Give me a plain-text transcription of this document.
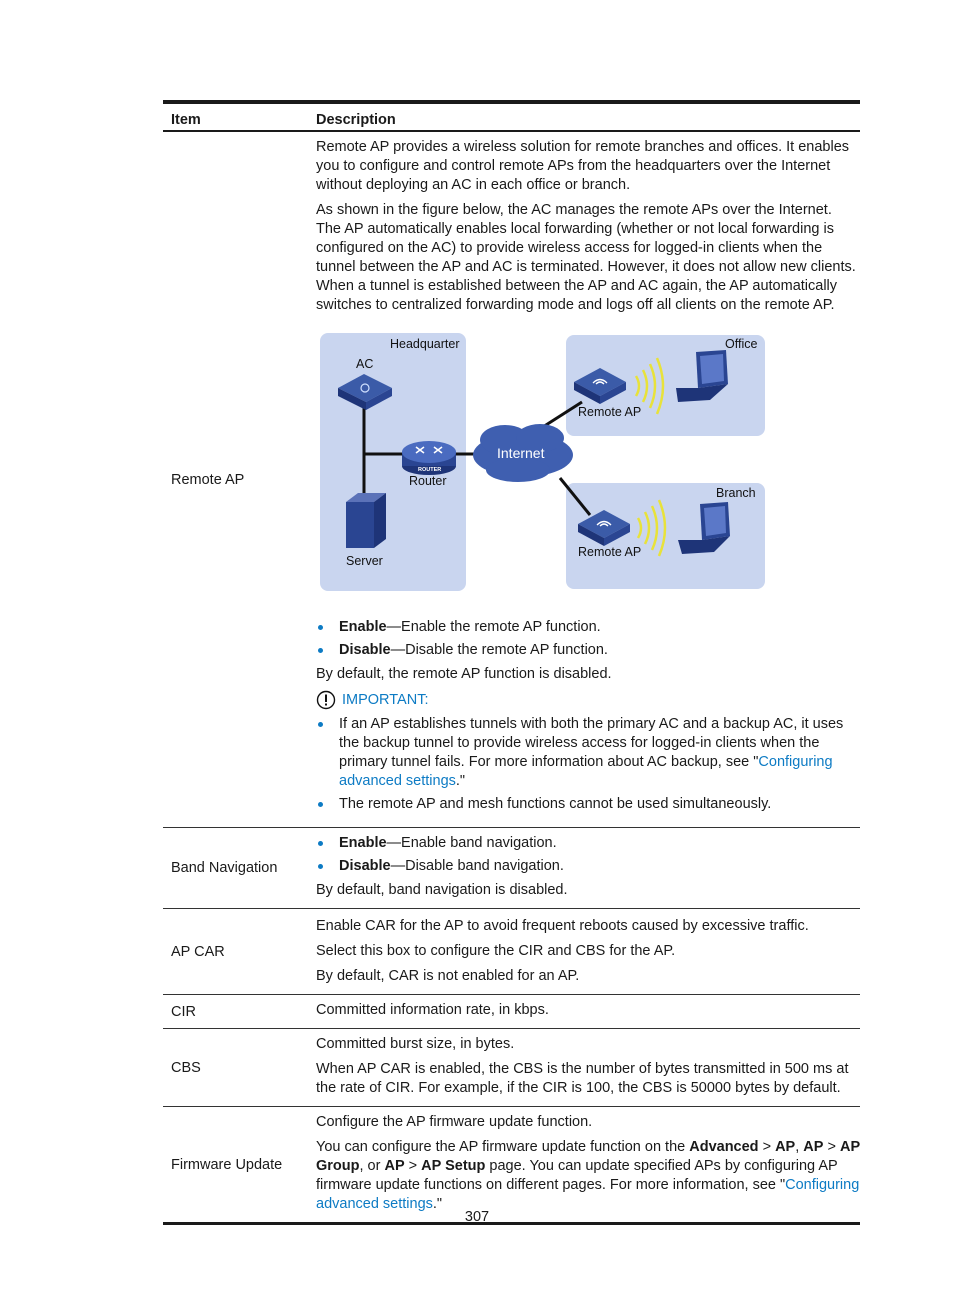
Item	Description
Remote AP

Remote AP provides a wireless solution for remote branches and offices. It enables you to configure and control remote APs from the headquarters over the Internet without deploying an AC in each office or branch.

As shown in the figure below, the AC manages the remote APs over the Internet. The AP automatically enables local forwarding (whether or not local forwarding is configured on the AC) to provide wireless access for logged-in clients when the tunnel between the AP and AC is terminated. However, it does not allow new clients. When a tunnel is established between the AP and AC again, the AP automatically switches to centralized forwarding mode and logs off all clients on the remote AP.

Headquarter
AC
ROUTER
Router
Server
Internet
Office
Remote AP
Branch
Remote AP
Enable—Enable the remote AP function.
Disable—Disable the remote AP function.

By default, the remote AP function is disabled.

IMPORTANT:
If an AP establishes tunnels with both the primary AC and a backup AC, it uses the backup tunnel to provide wireless access for logged-in clients when the primary tunnel fails. For more information about AC backup, see "Configuring advanced settings."
The remote AP and mesh functions cannot be used simultaneously.
Band Navigation
Enable—Enable band navigation.
Disable—Disable band navigation.

By default, band navigation is disabled.

AP CAR

Enable CAR for the AP to avoid frequent reboots caused by excessive traffic.

Select this box to configure the CIR and CBS for the AP.

By default, CAR is not enabled for an AP.

CIR	Committed information rate, in kbps.

CBS

Committed burst size, in bytes.

When AP CAR is enabled, the CBS is the number of bytes transmitted in 500 ms at the rate of CIR. For example, if the CIR is 100, the CBS is 50000 bytes by default.

Firmware Update

Configure the AP firmware update function.

You can configure the AP firmware update function on the Advanced > AP, AP > AP Group, or AP > AP Setup page. You can update specified APs by configuring AP firmware update functions on different pages. For more information, see "Configuring advanced settings."

307
